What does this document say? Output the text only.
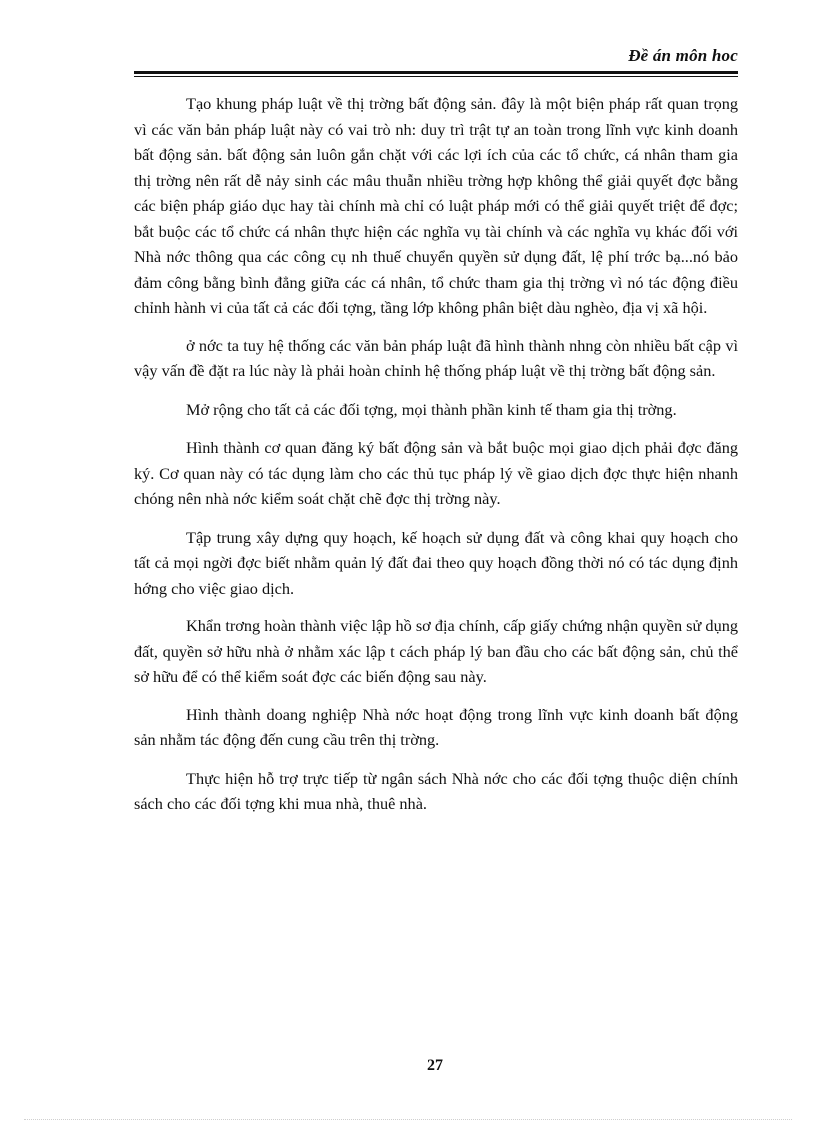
Đề án môn hoc

Tạo khung pháp luật về thị trờng bất động sản. đây là một biện pháp rất quan trọng vì các văn bản pháp luật này có vai trò nh: duy trì trật tự an toàn trong lĩnh vực kinh doanh bất động sản. bất động sản luôn gắn chặt với các lợi ích của các tổ chức, cá nhân tham gia thị trờng nên rất dễ nảy sinh các mâu thuẫn nhiều trờng hợp không thể giải quyết đợc bằng các biện pháp giáo dục hay tài chính mà chỉ có luật pháp mới có thể giải quyết triệt để đợc; bắt buộc các tổ chức cá nhân thực hiện các nghĩa vụ tài chính và các nghĩa vụ khác đối với Nhà nớc thông qua các công cụ nh thuế chuyển quyền sử dụng đất, lệ phí trớc bạ...nó bảo đảm công bằng bình đẳng giữa các cá nhân, tổ chức tham gia thị trờng vì nó tác động điều chỉnh hành vi của tất cả các đối tợng, tầng lớp không phân biệt dàu nghèo, địa vị xã hội.

ở nớc ta tuy hệ thống các văn bản pháp luật đã hình thành nhng còn nhiều bất cập vì vậy vấn đề đặt ra lúc này là phải hoàn chỉnh hệ thống pháp luật về thị trờng bất động sản.

Mở rộng cho tất cả các đối tợng, mọi thành phần kinh tế tham gia thị trờng.

Hình thành cơ quan đăng ký bất động sản và bắt buộc mọi giao dịch phải đợc đăng ký. Cơ quan này có tác dụng làm cho các thủ tục pháp lý về giao dịch đợc thực hiện nhanh chóng nên nhà nớc kiểm soát chặt chẽ đợc thị trờng này.

Tập trung xây dựng quy hoạch, kế hoạch sử dụng đất và công khai quy hoạch cho tất cả mọi ngời đợc biết nhằm quản lý đất đai theo quy hoạch đồng thời nó có tác dụng định hớng cho việc giao dịch.

Khẩn trơng hoàn thành việc lập hồ sơ địa chính, cấp giấy chứng nhận quyền sử dụng đất, quyền sở hữu nhà ở nhằm xác lập t cách pháp lý ban đầu cho các bất động sản, chủ thể sở hữu để có thể kiểm soát đợc các biến động sau này.

Hình thành doang nghiệp Nhà nớc hoạt động trong lĩnh vực kinh doanh bất động sản nhằm tác động đến cung cầu trên thị trờng.

Thực hiện hỗ trợ trực tiếp từ ngân sách Nhà nớc cho các đối tợng thuộc diện chính sách cho các đối tợng khi mua nhà, thuê nhà.

27
